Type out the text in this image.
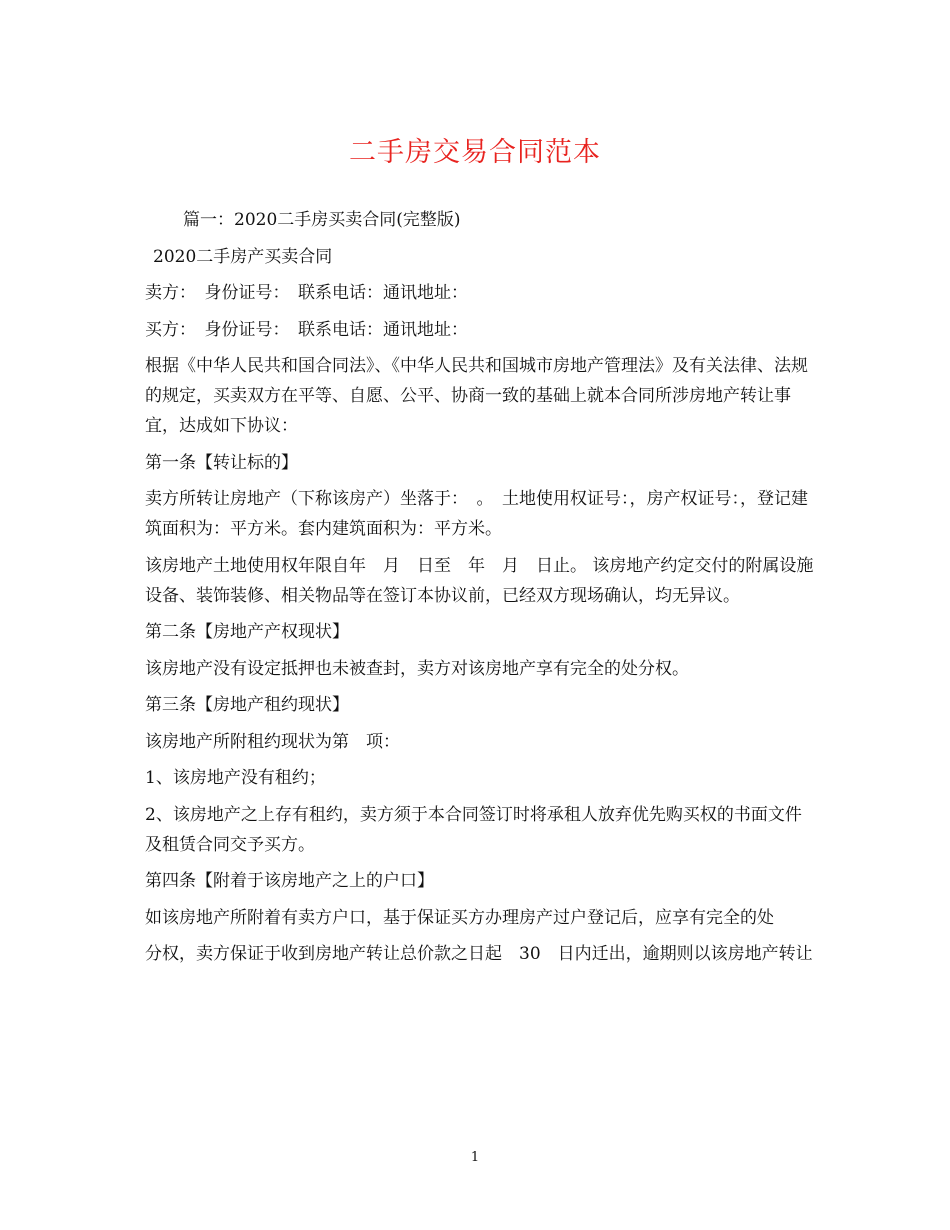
二手房交易合同范本

篇一：2020二手房买卖合同(完整版)

2020二手房产买卖合同

卖方：　身份证号：　联系电话：通讯地址：

买方：　身份证号：　联系电话：通讯地址：

根据《中华人民共和国合同法》、《中华人民共和国城市房地产管理法》及有关法律、法规的规定，买卖双方在平等、自愿、公平、协商一致的基础上就本合同所涉房地产转让事宜，达成如下协议：

第一条【转让标的】

卖方所转让房地产（下称该房产）坐落于：　。　土地使用权证号：，房产权证号：，登记建筑面积为：平方米。套内建筑面积为：平方米。

该房地产土地使用权年限自年　月　日至　年　月　日止。 该房地产约定交付的附属设施设备、装饰装修、相关物品等在签订本协议前，已经双方现场确认，均无异议。

第二条【房地产产权现状】

该房地产没有设定抵押也未被查封，卖方对该房地产享有完全的处分权。

第三条【房地产租约现状】

该房地产所附租约现状为第　项：

1、该房地产没有租约；

2、该房地产之上存有租约，卖方须于本合同签订时将承租人放弃优先购买权的书面文件及租赁合同交予买方。

第四条【附着于该房地产之上的户口】

如该房地产所附着有卖方户口，基于保证买方办理房产过户登记后，应享有完全的处

分权，卖方保证于收到房地产转让总价款之日起　30　日内迁出，逾期则以该房地产转让

1
